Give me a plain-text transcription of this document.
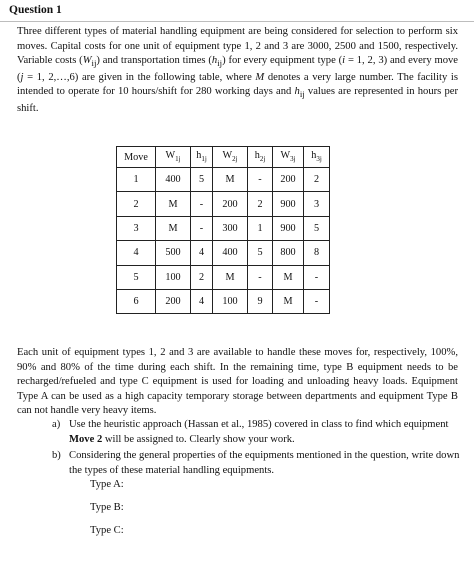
Question 1
Three different types of material handling equipment are being considered for selection to perform six moves. Capital costs for one unit of equipment type 1, 2 and 3 are 3000, 2500 and 1500, respectively. Variable costs $(W_{ij})$ and transportation times $(h_{ij})$ for every equipment type (i = 1, 2, 3) and every move (j = 1, 2,…,6) are given in the following table, where M denotes a very large number. The facility is intended to operate for 10 hours/shift for 280 working days and $h_{ij}$ values are represented in hours per shift.
Move	$W_{1j}$	$h_{1j}$	$W_{2j}$	$h_{2j}$	$W_{3j}$	$h_{3j}$
1	400	5	M	-	200	2
2	M	-	200	2	900	3
3	M	-	300	1	900	5
4	500	4	400	5	800	8
5	100	2	M	-	M	-
6	200	4	100	9	M	-
Each unit of equipment types 1, 2 and 3 are available to handle these moves for, respectively, 100%, 90% and 80% of the time during each shift. In the remaining time, type B equipment needs to be recharged/refueled and type C equipment is used for loading and unloading heavy loads. Equipment Type A can be used as a high capacity temporary storage between departments and equipment Type B can not handle very heavy items.
a) Use the heuristic approach (Hassan et al., 1985) covered in class to find which equipment Move 2 will be assigned to. Clearly show your work.
b) Considering the general properties of the equipments mentioned in the question, write down the types of these material handling equipments.
Type A:
Type B:
Type C:
